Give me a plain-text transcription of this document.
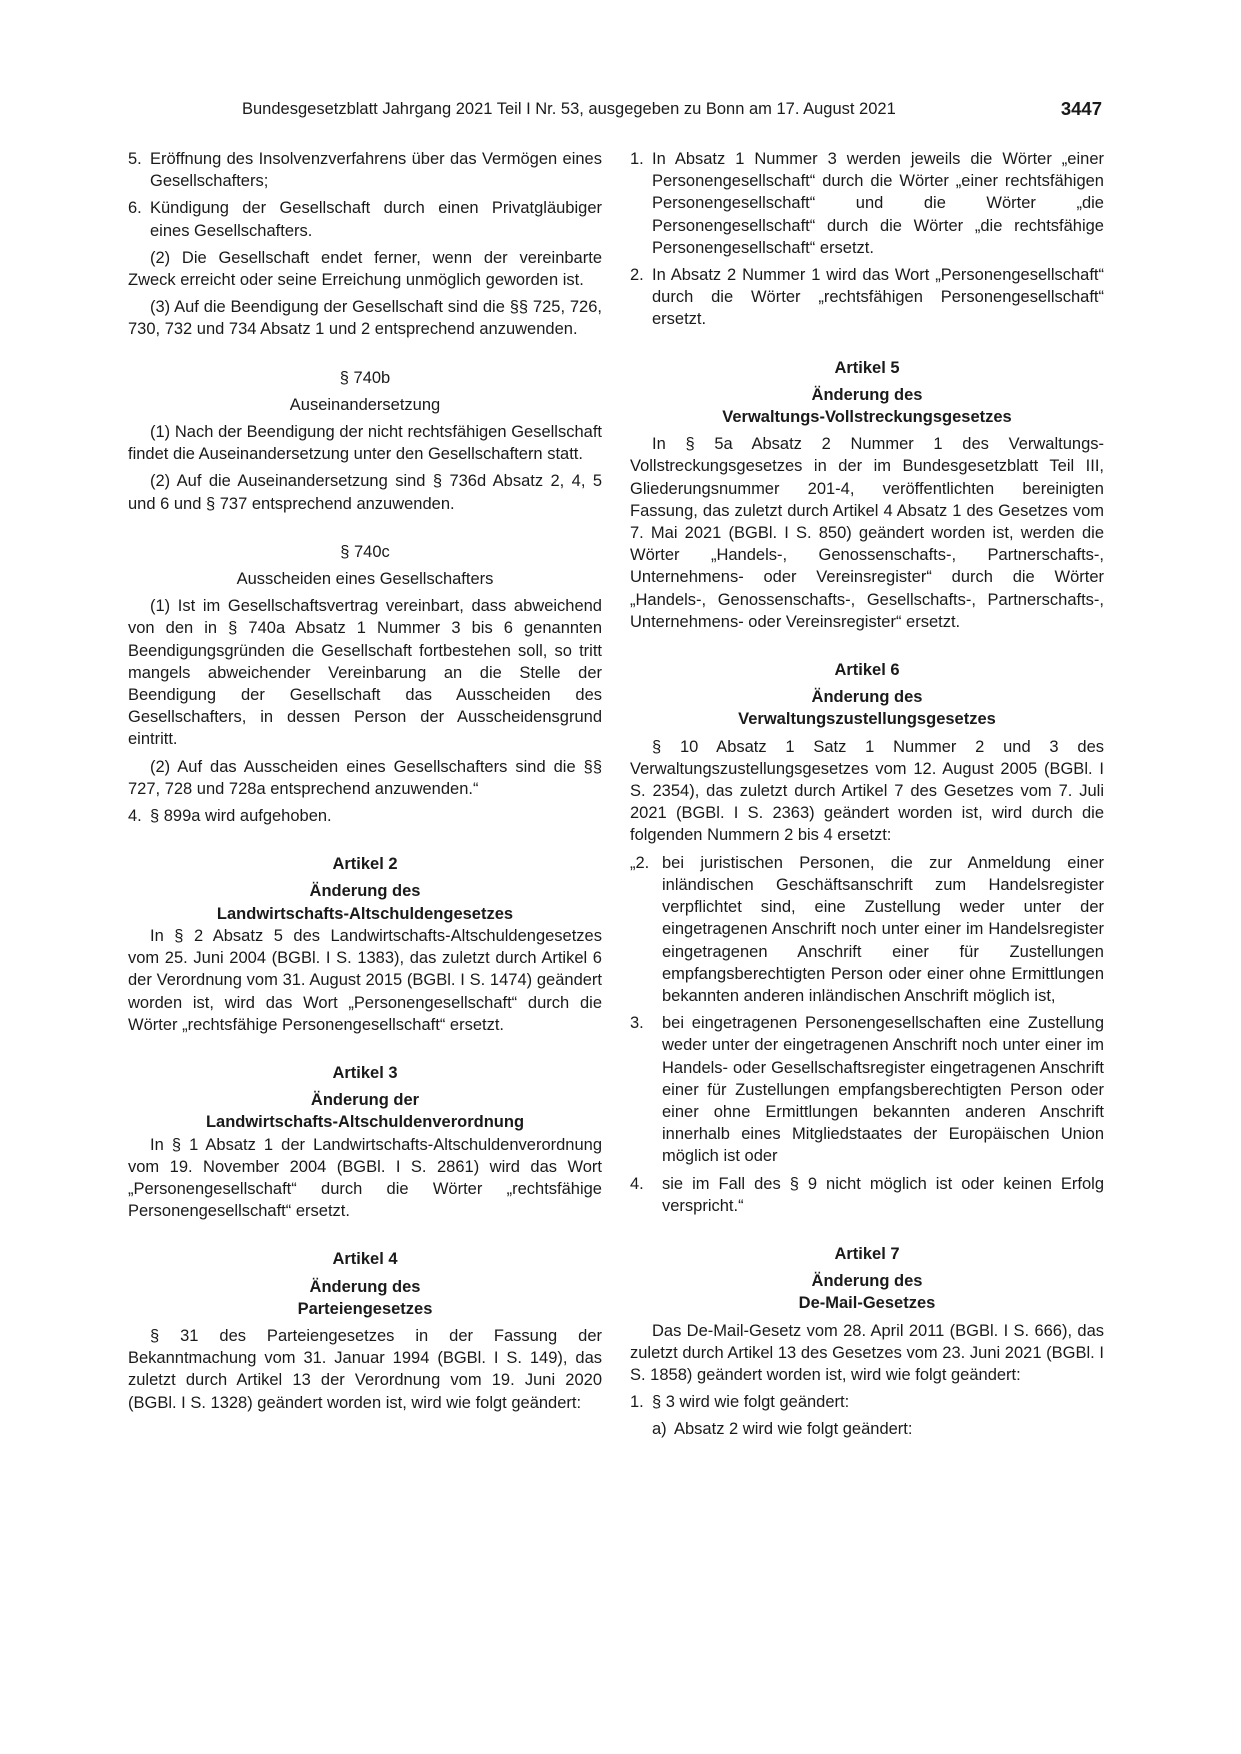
Bundesgesetzblatt Jahrgang 2021 Teil I Nr. 53, ausgegeben zu Bonn am 17. August 2021	3447
5. Eröffnung des Insolvenzverfahrens über das Vermögen eines Gesellschafters;
6. Kündigung der Gesellschaft durch einen Privatgläubiger eines Gesellschafters.

(2) Die Gesellschaft endet ferner, wenn der vereinbarte Zweck erreicht oder seine Erreichung unmöglich geworden ist.

(3) Auf die Beendigung der Gesellschaft sind die §§ 725, 726, 730, 732 und 734 Absatz 1 und 2 entsprechend anzuwenden.

§ 740b

Auseinandersetzung

(1) Nach der Beendigung der nicht rechtsfähigen Gesellschaft findet die Auseinandersetzung unter den Gesellschaftern statt.

(2) Auf die Auseinandersetzung sind § 736d Absatz 2, 4, 5 und 6 und § 737 entsprechend anzuwenden.

§ 740c

Ausscheiden eines Gesellschafters

(1) Ist im Gesellschaftsvertrag vereinbart, dass abweichend von den in § 740a Absatz 1 Nummer 3 bis 6 genannten Beendigungsgründen die Gesellschaft fortbestehen soll, so tritt mangels abweichender Vereinbarung an die Stelle der Beendigung der Gesellschaft das Ausscheiden des Gesellschafters, in dessen Person der Ausscheidensgrund eintritt.

(2) Auf das Ausscheiden eines Gesellschafters sind die §§ 727, 728 und 728a entsprechend anzuwenden.“

4. § 899a wird aufgehoben.

Artikel 2

Änderung des

Landwirtschafts-Altschuldengesetzes

In § 2 Absatz 5 des Landwirtschafts-Altschuldengesetzes vom 25. Juni 2004 (BGBl. I S. 1383), das zuletzt durch Artikel 6 der Verordnung vom 31. August 2015 (BGBl. I S. 1474) geändert worden ist, wird das Wort „Personengesellschaft“ durch die Wörter „rechtsfähige Personengesellschaft“ ersetzt.

Artikel 3

Änderung der

Landwirtschafts-Altschuldenverordnung

In § 1 Absatz 1 der Landwirtschafts-Altschuldenverordnung vom 19. November 2004 (BGBl. I S. 2861) wird das Wort „Personengesellschaft“ durch die Wörter „rechtsfähige Personengesellschaft“ ersetzt.

Artikel 4

Änderung des

Parteiengesetzes

§ 31 des Parteiengesetzes in der Fassung der Bekanntmachung vom 31. Januar 1994 (BGBl. I S. 149), das zuletzt durch Artikel 13 der Verordnung vom 19. Juni 2020 (BGBl. I S. 1328) geändert worden ist, wird wie folgt geändert:

1. In Absatz 1 Nummer 3 werden jeweils die Wörter „einer Personengesellschaft“ durch die Wörter „einer rechtsfähigen Personengesellschaft“ und die Wörter „die Personengesellschaft“ durch die Wörter „die rechtsfähige Personengesellschaft“ ersetzt.
2. In Absatz 2 Nummer 1 wird das Wort „Personengesellschaft“ durch die Wörter „rechtsfähigen Personengesellschaft“ ersetzt.

Artikel 5

Änderung des

Verwaltungs-Vollstreckungsgesetzes

In § 5a Absatz 2 Nummer 1 des Verwaltungs-Vollstreckungsgesetzes in der im Bundesgesetzblatt Teil III, Gliederungsnummer 201-4, veröffentlichten bereinigten Fassung, das zuletzt durch Artikel 4 Absatz 1 des Gesetzes vom 7. Mai 2021 (BGBl. I S. 850) geändert worden ist, werden die Wörter „Handels-, Genossenschafts-, Partnerschafts-, Unternehmens- oder Vereinsregister“ durch die Wörter „Handels-, Genossenschafts-, Gesellschafts-, Partnerschafts-, Unternehmens- oder Vereinsregister“ ersetzt.

Artikel 6

Änderung des

Verwaltungszustellungsgesetzes

§ 10 Absatz 1 Satz 1 Nummer 2 und 3 des Verwaltungszustellungsgesetzes vom 12. August 2005 (BGBl. I S. 2354), das zuletzt durch Artikel 7 des Gesetzes vom 7. Juli 2021 (BGBl. I S. 2363) geändert worden ist, wird durch die folgenden Nummern 2 bis 4 ersetzt:

„2. bei juristischen Personen, die zur Anmeldung einer inländischen Geschäftsanschrift zum Handelsregister verpflichtet sind, eine Zustellung weder unter der eingetragenen Anschrift noch unter einer im Handelsregister eingetragenen Anschrift einer für Zustellungen empfangsberechtigten Person oder einer ohne Ermittlungen bekannten anderen inländischen Anschrift möglich ist,
3.	bei eingetragenen Personengesellschaften eine Zustellung weder unter der eingetragenen Anschrift noch unter einer im Handels- oder Gesellschaftsregister eingetragenen Anschrift einer für Zustellungen empfangsberechtigten Person oder einer ohne Ermittlungen bekannten anderen Anschrift innerhalb eines Mitgliedstaates der Europäischen Union möglich ist oder
4.	sie im Fall des § 9 nicht möglich ist oder keinen Erfolg verspricht.“

Artikel 7

Änderung des

De-Mail-Gesetzes

Das De-Mail-Gesetz vom 28. April 2011 (BGBl. I S. 666), das zuletzt durch Artikel 13 des Gesetzes vom 23. Juni 2021 (BGBl. I S. 1858) geändert worden ist, wird wie folgt geändert:

1. § 3 wird wie folgt geändert:
a) Absatz 2 wird wie folgt geändert:
